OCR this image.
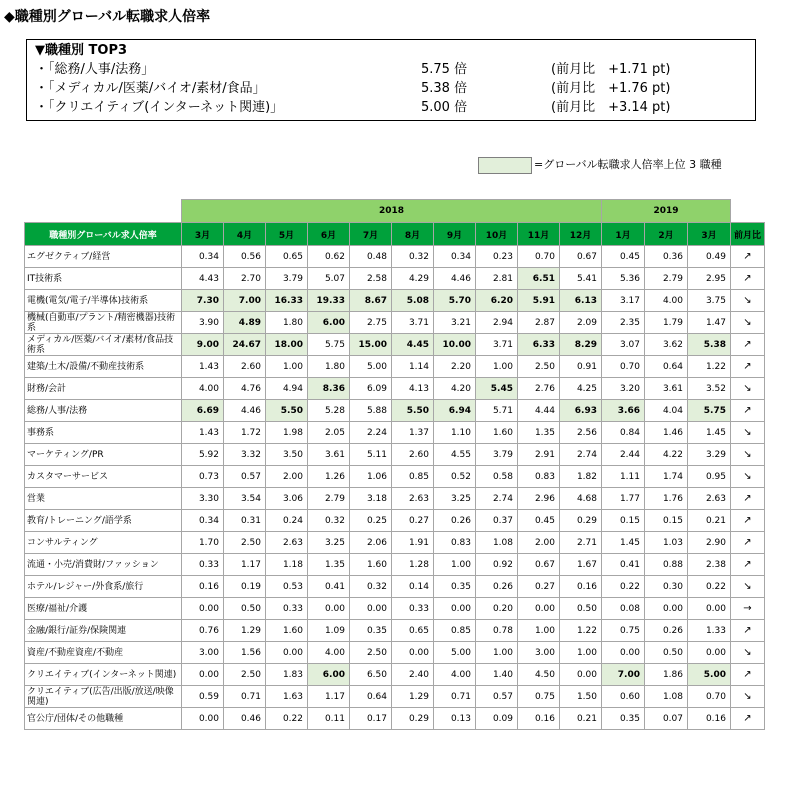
◆職種別グローバル転職求人倍率
▼職種別 TOP3
・「総務/人事/法務」	5.75 倍	(前月比　+1.71 pt)
・「メディカル/医薬/バイオ/素材/食品」	5.38 倍	(前月比　+1.76 pt)
・「クリエイティブ(インターネット関連)」	5.00 倍	(前月比　+3.14 pt)
=グローバル転職求人倍率上位 3 職種
	2018										2019			
職種別グローバル求人倍率	3月	4月	5月	6月	7月	8月	9月	10月	11月	12月	1月	2月	3月	前月比
エグゼクティブ/経営	0.34	0.56	0.65	0.62	0.48	0.32	0.34	0.23	0.70	0.67	0.45	0.36	0.49	↗
IT技術系	4.43	2.70	3.79	5.07	2.58	4.29	4.46	2.81	6.51	5.41	5.36	2.79	2.95	↗
電機(電気/電子/半導体)技術系	7.30	7.00	16.33	19.33	8.67	5.08	5.70	6.20	5.91	6.13	3.17	4.00	3.75	↘
機械(自動車/プラント/精密機器)技術系	3.90	4.89	1.80	6.00	2.75	3.71	3.21	2.94	2.87	2.09	2.35	1.79	1.47	↘
メディカル/医薬/バイオ/素材/食品技術系	9.00	24.67	18.00	5.75	15.00	4.45	10.00	3.71	6.33	8.29	3.07	3.62	5.38	↗
建築/土木/設備/不動産技術系	1.43	2.60	1.00	1.80	5.00	1.14	2.20	1.00	2.50	0.91	0.70	0.64	1.22	↗
財務/会計	4.00	4.76	4.94	8.36	6.09	4.13	4.20	5.45	2.76	4.25	3.20	3.61	3.52	↘
総務/人事/法務	6.69	4.46	5.50	5.28	5.88	5.50	6.94	5.71	4.44	6.93	3.66	4.04	5.75	↗
事務系	1.43	1.72	1.98	2.05	2.24	1.37	1.10	1.60	1.35	2.56	0.84	1.46	1.45	↘
マーケティング/PR	5.92	3.32	3.50	3.61	5.11	2.60	4.55	3.79	2.91	2.74	2.44	4.22	3.29	↘
カスタマーサービス	0.73	0.57	2.00	1.26	1.06	0.85	0.52	0.58	0.83	1.82	1.11	1.74	0.95	↘
営業	3.30	3.54	3.06	2.79	3.18	2.63	3.25	2.74	2.96	4.68	1.77	1.76	2.63	↗
教育/トレーニング/語学系	0.34	0.31	0.24	0.32	0.25	0.27	0.26	0.37	0.45	0.29	0.15	0.15	0.21	↗
コンサルティング	1.70	2.50	2.63	3.25	2.06	1.91	0.83	1.08	2.00	2.71	1.45	1.03	2.90	↗
流通・小売/消費財/ファッション	0.33	1.17	1.18	1.35	1.60	1.28	1.00	0.92	0.67	1.67	0.41	0.88	2.38	↗
ホテル/レジャー/外食系/旅行	0.16	0.19	0.53	0.41	0.32	0.14	0.35	0.26	0.27	0.16	0.22	0.30	0.22	↘
医療/福祉/介護	0.00	0.50	0.33	0.00	0.00	0.33	0.00	0.20	0.00	0.50	0.08	0.00	0.00	→
金融/銀行/証券/保険関連	0.76	1.29	1.60	1.09	0.35	0.65	0.85	0.78	1.00	1.22	0.75	0.26	1.33	↗
資産/不動産資産/不動産	3.00	1.56	0.00	4.00	2.50	0.00	5.00	1.00	3.00	1.00	0.00	0.50	0.00	↘
クリエイティブ(インターネット関連)	0.00	2.50	1.83	6.00	6.50	2.40	4.00	1.40	4.50	0.00	7.00	1.86	5.00	↗
クリエイティブ(広告/出版/放送/映像関連)	0.59	0.71	1.63	1.17	0.64	1.29	0.71	0.57	0.75	1.50	0.60	1.08	0.70	↘
官公庁/団体/その他職種	0.00	0.46	0.22	0.11	0.17	0.29	0.13	0.09	0.16	0.21	0.35	0.07	0.16	↗
